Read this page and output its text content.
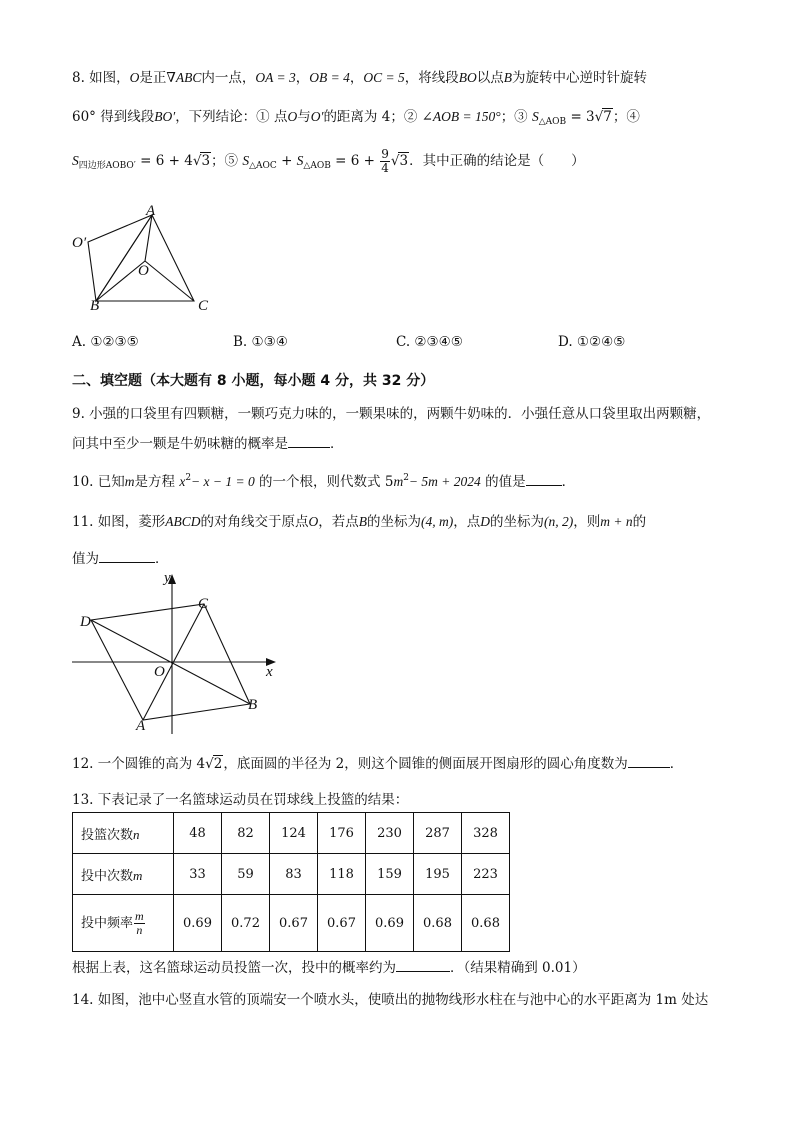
8. 如图，O是正∇ABC内一点，OA = 3，OB = 4，OC = 5，将线段BO以点B为旋转中心逆时针旋转
60° 得到线段BO′，下列结论：① 点O与O′的距离为 4；② ∠AOB = 150°；③ $S_{\triangle AOB} = 3√7$；④
$S_{四边形AOBO'} = 6 + 4√3$；⑤ $S_{\triangle AOC} + S_{\triangle AOB} = 6 + \frac{9}{4} √3$．其中正确的结论是（　　）
A
O′
O
B	C
A. ①②③⑤	B. ①③④	C. ②③④⑤	D. ①②④⑤
二、填空题（本大题有 8 小题，每小题 4 分，共 32 分）
9. 小强的口袋里有四颗糖，一颗巧克力味的，一颗果味的，两颗牛奶味的．小强任意从口袋里取出两颗糖，
问其中至少一颗是牛奶味糖的概率是	．
10. 已知m是方程 $x^2- x - 1 = 0$ 的一个根，则代数式 $5m^2- 5m + 2024$ 的值是	．
11. 如图，菱形ABCD的对角线交于原点O，若点B的坐标为(4, m)，点D的坐标为(n, 2)，则m + n的
值为	．
y
x
C
D
O
A
B
12. 一个圆锥的高为 4√2，底面圆的半径为 2，则这个圆锥的侧面展开图扇形的圆心角度数为	．
13. 下表记录了一名篮球运动员在罚球线上投篮的结果：
投篮次数n	48	82	124	176	230	287	328
投中次数m	33	59	83	118	159	195	223
投中频率 $\frac{m}{n}$	0.69	0.72	0.67	0.67	0.69	0.68	0.68
根据上表，这名篮球运动员投篮一次，投中的概率约为	．（结果精确到 0.01）
14. 如图，池中心竖直水管的顶端安一个喷水头，使喷出的抛物线形水柱在与池中心的水平距离为 1m 处达
